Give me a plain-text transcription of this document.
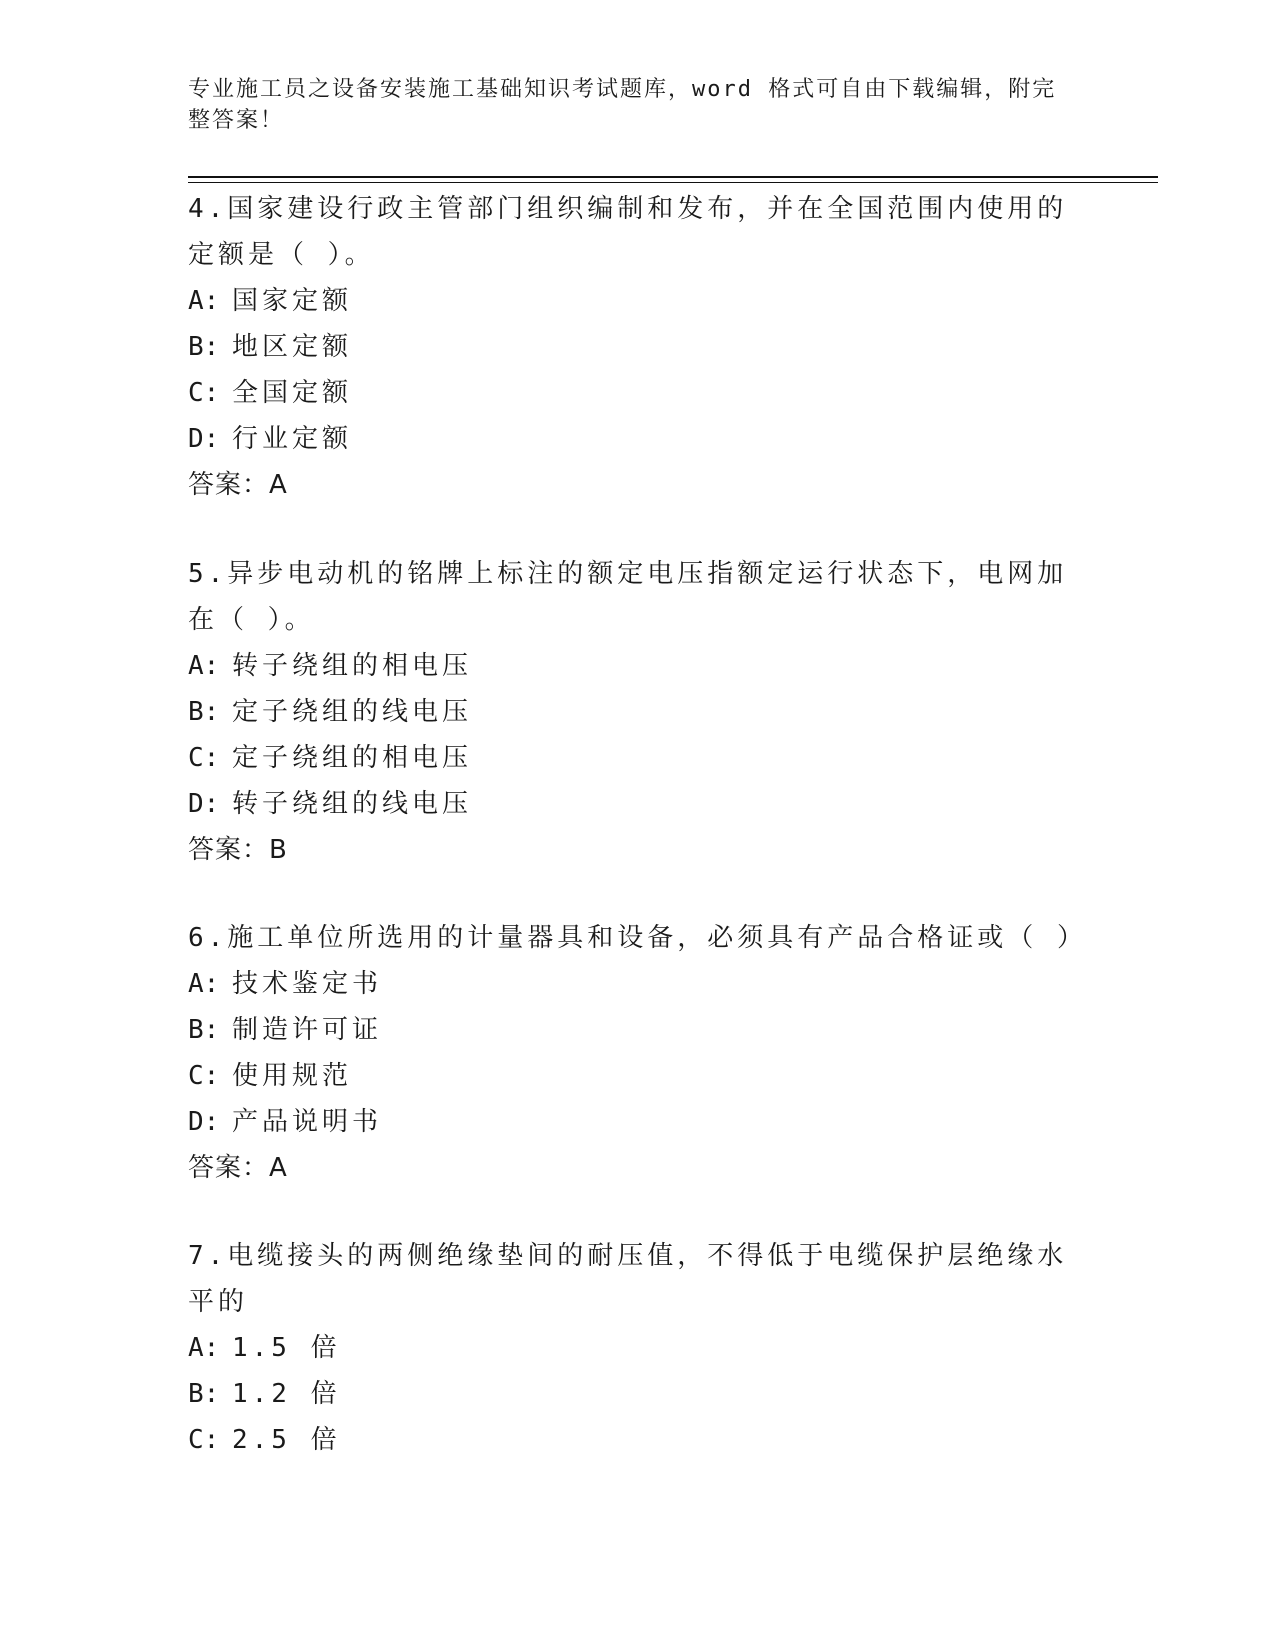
专业施工员之设备安装施工基础知识考试题库，word 格式可自由下载编辑，附完整答案！
4.国家建设行政主管部门组织编制和发布，并在全国范围内使用的定额是（ ）。
A: 国家定额
B: 地区定额
C: 全国定额
D: 行业定额
答案：A
5.异步电动机的铭牌上标注的额定电压指额定运行状态下，电网加在（ ）。
A: 转子绕组的相电压
B: 定子绕组的线电压
C: 定子绕组的相电压
D: 转子绕组的线电压
答案：B
6.施工单位所选用的计量器具和设备，必须具有产品合格证或（ ）
A: 技术鉴定书
B: 制造许可证
C: 使用规范
D: 产品说明书
答案：A
7.电缆接头的两侧绝缘垫间的耐压值，不得低于电缆保护层绝缘水平的
A: 1.5 倍
B: 1.2 倍
C: 2.5 倍
